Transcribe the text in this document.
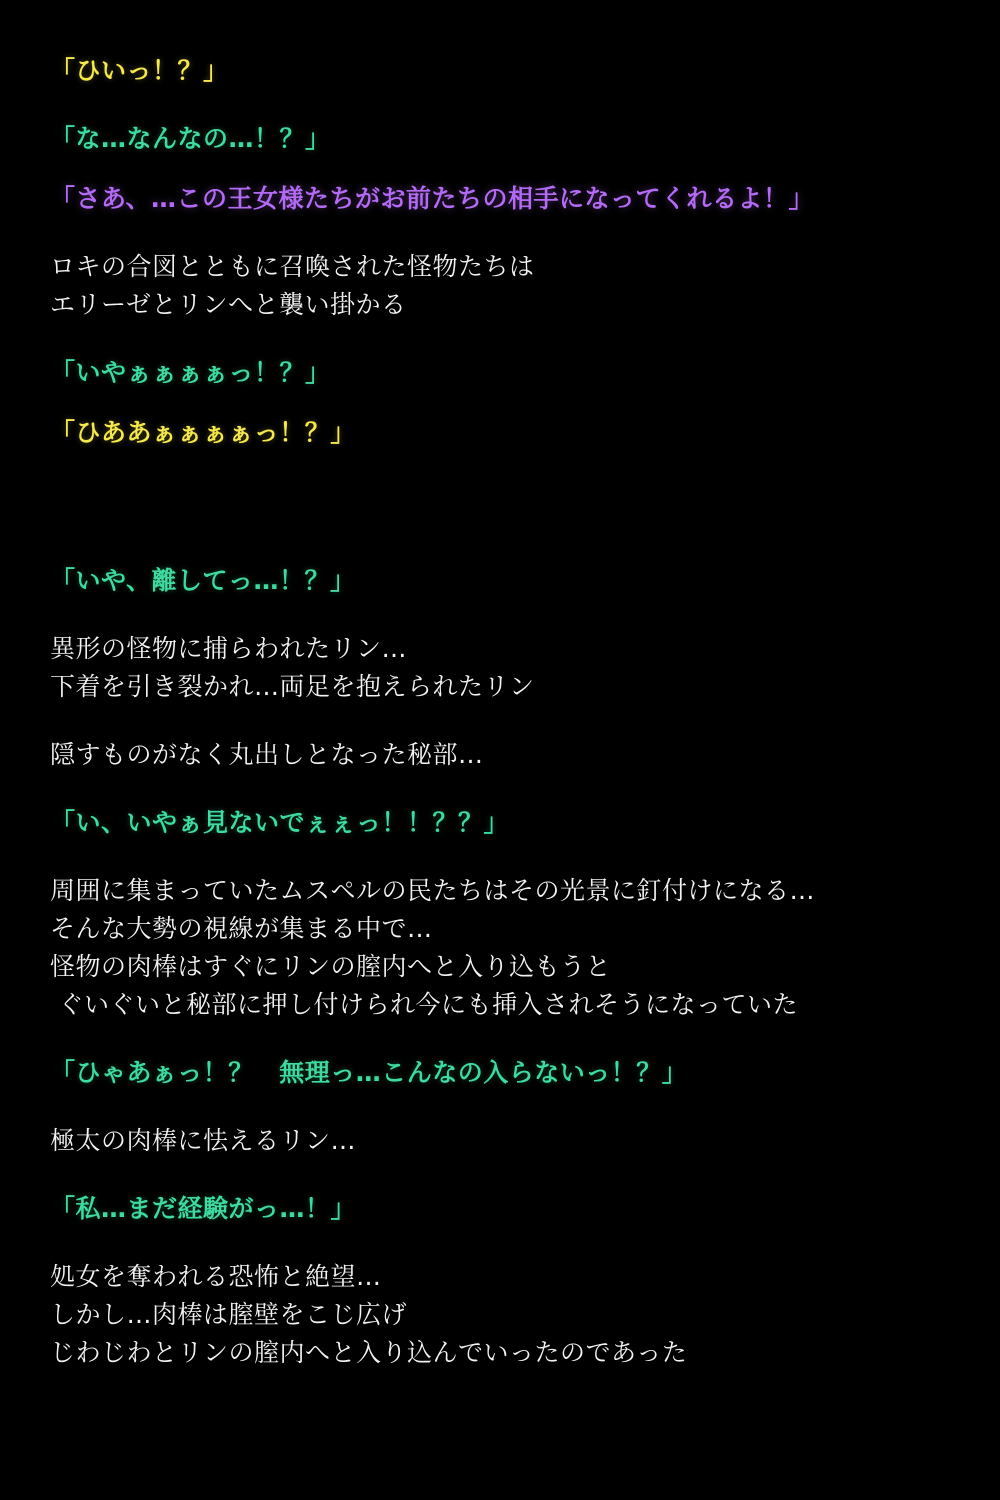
「ひいっ！？」
「な…なんなの…！？」
「さあ、…この王女様たちがお前たちの相手になってくれるよ！」
ロキの合図とともに召喚された怪物たちは
エリーゼとリンへと襲い掛かる
「いやぁぁぁぁっ！？」
「ひああぁぁぁぁっ！？」
「いや、離してっ…！？」
異形の怪物に捕らわれたリン…
下着を引き裂かれ…両足を抱えられたリン
隠すものがなく丸出しとなった秘部…
「い、いやぁ見ないでぇぇっ！！？？」
周囲に集まっていたムスペルの民たちはその光景に釘付けになる…
そんな大勢の視線が集まる中で…
怪物の肉棒はすぐにリンの膣内へと入り込もうと
ぐいぐいと秘部に押し付けられ今にも挿入されそうになっていた
「ひゃあぁっ！？　無理っ…こんなの入らないっ！？」
極太の肉棒に怯えるリン…
「私…まだ経験がっ…！」
処女を奪われる恐怖と絶望…
しかし…肉棒は膣壁をこじ広げ
じわじわとリンの膣内へと入り込んでいったのであった
